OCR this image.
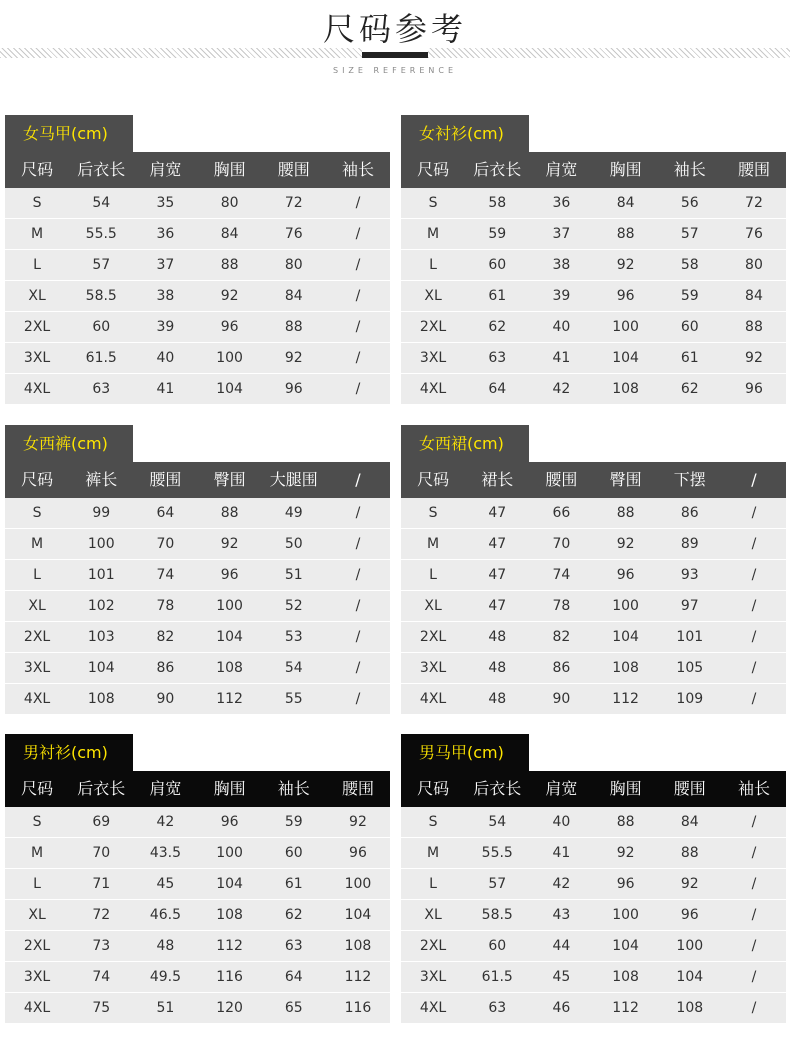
尺码参考
SIZE REFERENCE
女马甲(cm)
尺码	后衣长	肩宽	胸围	腰围	袖长
S	54	35	80	72	/
M	55.5	36	84	76	/
L	57	37	88	80	/
XL	58.5	38	92	84	/
2XL	60	39	96	88	/
3XL	61.5	40	100	92	/
4XL	63	41	104	96	/
女衬衫(cm)
尺码	后衣长	肩宽	胸围	袖长	腰围
S	58	36	84	56	72
M	59	37	88	57	76
L	60	38	92	58	80
XL	61	39	96	59	84
2XL	62	40	100	60	88
3XL	63	41	104	61	92
4XL	64	42	108	62	96
女西裤(cm)
尺码	裤长	腰围	臀围	大腿围	/
S	99	64	88	49	/
M	100	70	92	50	/
L	101	74	96	51	/
XL	102	78	100	52	/
2XL	103	82	104	53	/
3XL	104	86	108	54	/
4XL	108	90	112	55	/
女西裙(cm)
尺码	裙长	腰围	臀围	下摆	/
S	47	66	88	86	/
M	47	70	92	89	/
L	47	74	96	93	/
XL	47	78	100	97	/
2XL	48	82	104	101	/
3XL	48	86	108	105	/
4XL	48	90	112	109	/
男衬衫(cm)
尺码	后衣长	肩宽	胸围	袖长	腰围
S	69	42	96	59	92
M	70	43.5	100	60	96
L	71	45	104	61	100
XL	72	46.5	108	62	104
2XL	73	48	112	63	108
3XL	74	49.5	116	64	112
4XL	75	51	120	65	116
男马甲(cm)
尺码	后衣长	肩宽	胸围	腰围	袖长
S	54	40	88	84	/
M	55.5	41	92	88	/
L	57	42	96	92	/
XL	58.5	43	100	96	/
2XL	60	44	104	100	/
3XL	61.5	45	108	104	/
4XL	63	46	112	108	/
